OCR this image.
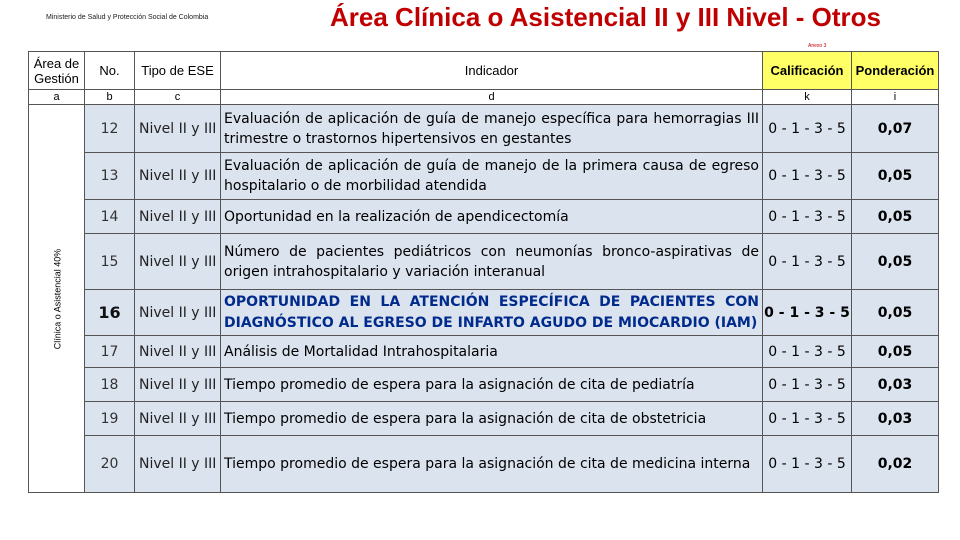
Ministerio de Salud y Protección Social de Colombia	Área Clínica o Asistencial II y III Nivel - Otros
Anexo 3
Área de Gestión	No.	Tipo de ESE	Indicador	Calificación	Ponderación
a	b	c	d	k	i

Clínica o Asistencial 40%	12	Nivel II y III	Evaluación de aplicación de guía de manejo específica para hemorragias III trimestre o trastornos hipertensivos en gestantes	0 - 1 - 3 - 5	0,07
	13	Nivel II y III	Evaluación de aplicación de guía de manejo de la primera causa de egreso hospitalario o de morbilidad atendida	0 - 1 - 3 - 5	0,05
	14	Nivel II y III	Oportunidad en la realización de apendicectomía	0 - 1 - 3 - 5	0,05
	15	Nivel II y III	Número de pacientes pediátricos con neumonías bronco-aspirativas de origen intrahospitalario y variación interanual	0 - 1 - 3 - 5	0,05
	16	Nivel II y III	OPORTUNIDAD EN LA ATENCIÓN ESPECÍFICA DE PACIENTES CON DIAGNÓSTICO AL EGRESO DE INFARTO AGUDO DE MIOCARDIO (IAM)	0 - 1 - 3 - 5	0,05
	17	Nivel II y III	Análisis de Mortalidad Intrahospitalaria	0 - 1 - 3 - 5	0,05
	18	Nivel II y III	Tiempo promedio de espera para la asignación de cita de pediatría	0 - 1 - 3 - 5	0,03
	19	Nivel II y III	Tiempo promedio de espera para la asignación de cita de obstetricia	0 - 1 - 3 - 5	0,03
	20	Nivel II y III	Tiempo promedio de espera para la asignación de cita de medicina interna	0 - 1 - 3 - 5	0,02
